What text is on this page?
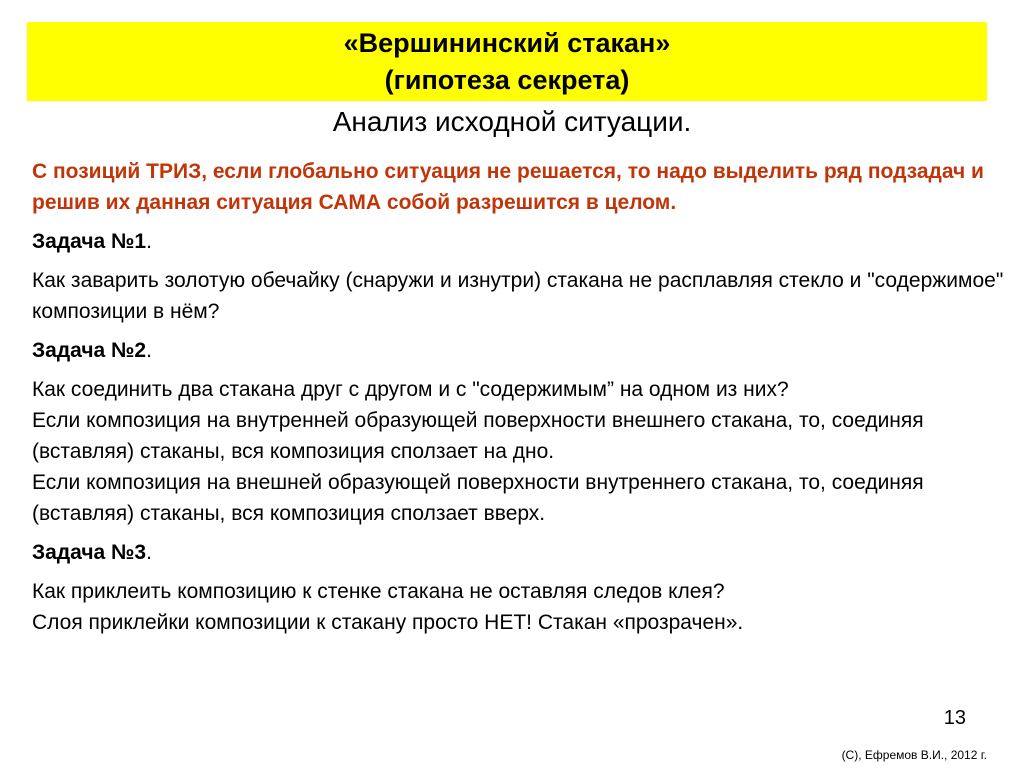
«Вершининский стакан»
(гипотеза секрета)
Анализ исходной ситуации.

С позиций ТРИЗ, если глобально ситуация не решается, то надо выделить ряд подзадач и решив их данная ситуация САМА собой разрешится в целом.

Задача №1.

Как заварить золотую обечайку (снаружи и изнутри) стакана не расплавляя стекло и "содержимое" композиции в нём?

Задача №2.

Как соединить два стакана друг с другом и с "содержимым” на одном из них?
Если композиция на внутренней образующей поверхности внешнего стакана, то, соединяя (вставляя) стаканы, вся композиция сползает на дно.
Если композиция на внешней образующей поверхности внутреннего стакана, то, соединяя (вставляя) стаканы, вся композиция сползает вверх.

Задача №3.

Как приклеить композицию к стенке стакана не оставляя следов клея?
Слоя приклейки композиции к стакану просто НЕТ! Стакан «прозрачен».

13
(С), Ефремов В.И., 2012 г.
